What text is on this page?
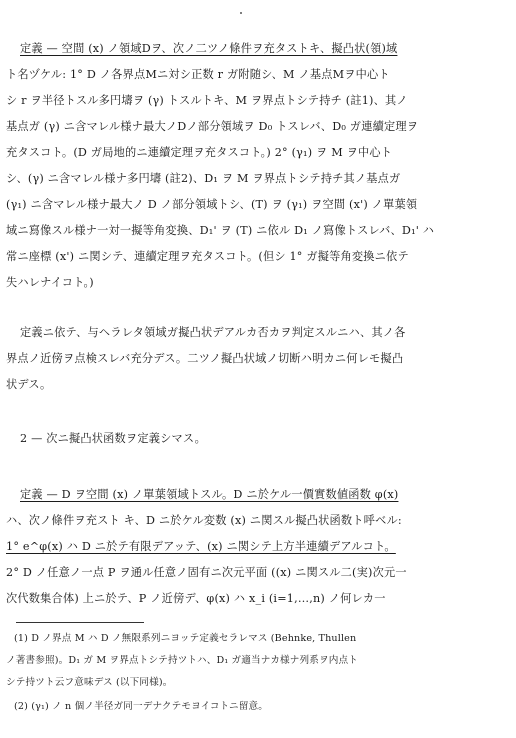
定義 — 空間 (x) ノ領域Dヲ、次ノ二ツノ條件ヲ充タストキ、擬凸状(領)域
ト名ヅケル: 1° D ノ各界点Mニ対シ正数 r ガ附随シ、M ノ基点Mヲ中心ト
シ r ヲ半径トスル多円壔ヲ (γ) トスルトキ、M ヲ界点トシテ持チ (註1)、其ノ
基点ガ (γ) ニ含マレル様ナ最大ノDノ部分領域ヲ D₀ トスレバ、D₀ ガ連續定理ヲ
充タスコト。(D ガ局地的ニ連續定理ヲ充タスコト。) 2° (γ₁) ヲ M ヲ中心ト
シ、(γ) ニ含マレル様ナ多円壔 (註2)、D₁ ヲ M ヲ界点トシテ持チ其ノ基点ガ
(γ₁) ニ含マレル様ナ最大ノ D ノ部分領域トシ、(T) ヲ (γ₁) ヲ空間 (x') ノ單葉領
域ニ寫像スル様ナ一対一擬等角変換、D₁' ヲ (T) ニ依ル D₁ ノ寫像トスレバ、D₁' ハ
常ニ座標 (x') ニ関シテ、連續定理ヲ充タスコト。(但シ 1° ガ擬等角変換ニ依テ
失ハレナイコト。)
定義ニ依テ、与ヘラレタ領域ガ擬凸状デアルカ否カヲ判定スルニハ、其ノ各
界点ノ近傍ヲ点検スレバ充分デス。二ツノ擬凸状域ノ切断ハ明カニ何レモ擬凸
状デス。
2 — 次ニ擬凸状函数ヲ定義シマス。
定義 — D ヲ空間 (x) ノ單葉領域トスル。D ニ於ケル一價實数値函数 φ(x)
ハ、次ノ條件ヲ充スト キ、D ニ於ケル変数 (x) ニ関スル擬凸状函数ト呼ベル:
1° e^φ(x) ハ D ニ於テ有限デアッテ、(x) ニ関シテ上方半連續デアルコト。
2° D ノ任意ノ一点 P ヲ通ル任意ノ固有ニ次元平面 ((x) ニ関スル二(実)次元一
次代数集合体) 上ニ於テ、P ノ近傍デ、φ(x) ハ x_i (i=1,…,n) ノ何レカ一
(1) D ノ界点 M ハ D ノ無限系列ニヨッテ定義セラレマス (Behnke, Thullen
ノ著書参照)。D₁ ガ M ヲ界点トシテ持ツトハ、D₁ ガ適当ナカ様ナ列系ヲ内点ト
シテ持ツト云フ意味デス (以下同様)。
(2) (γ₁) ノ n 個ノ半径ガ同一デナクテモヨイコトニ留意。
